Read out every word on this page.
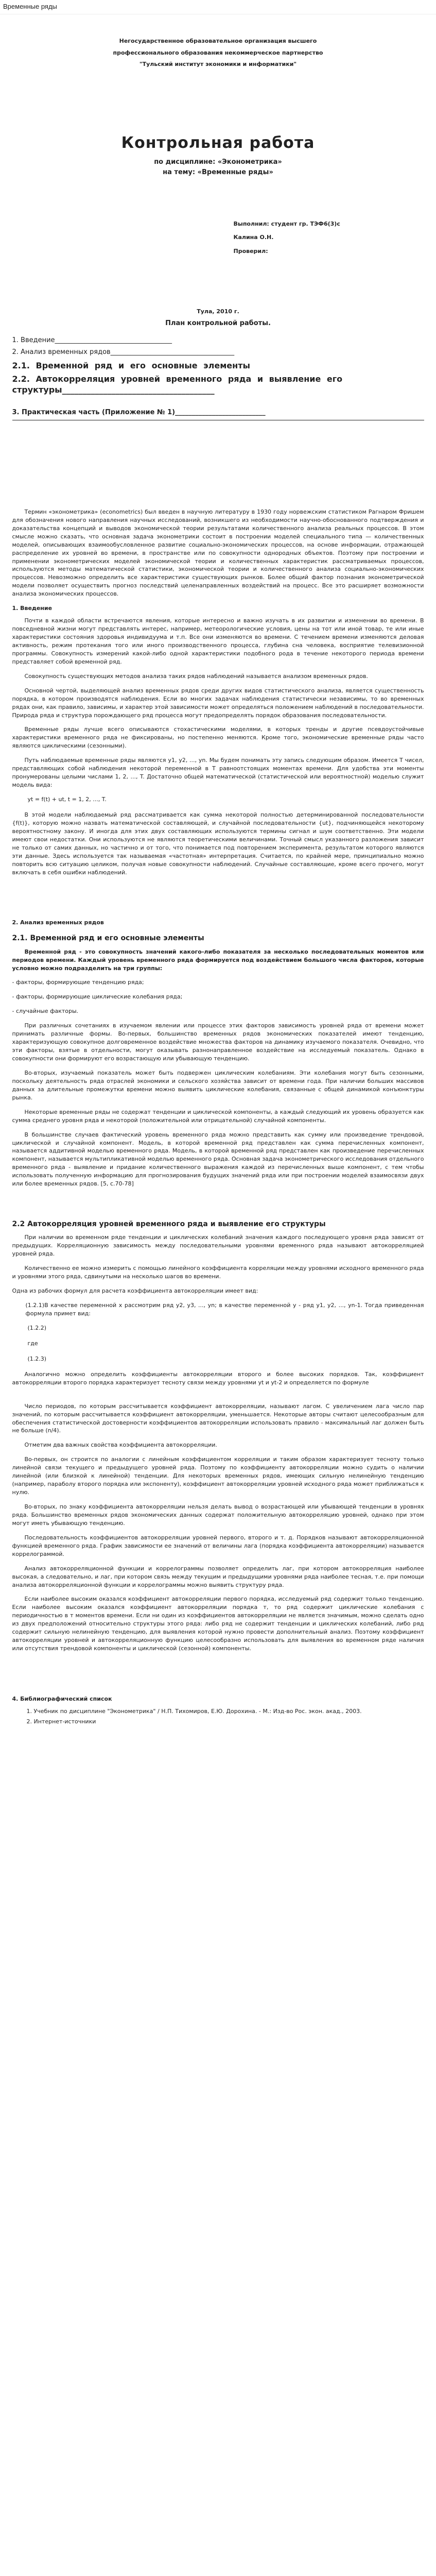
Временные ряды
Негосударственное образовательное организация высшего
профессионального образования некоммерческое партнерство
"Тульский институт экономики и информатики"
Контрольная работа
по дисциплине: «Эконометрика»
на тему: «Временные ряды»
Выполнил: студент гр. ТЭФ6(3)с
Калина О.Н.
Проверил:
Тула, 2010 г.
План контрольной работы.
1. Введение___________________________________
2. Анализ временных рядов_____________________________________
2.1. Временной ряд и его основные элементы
2.2. Автокорреляция уровней временного ряда и выявление его структуры_____________________________________
3. Практическая часть (Приложение № 1)___________________________
Термин «эконометрика» (econometrics) был введен в научную литературу в 1930 году норвежским статистиком Рагнаром Фришем для обозначения нового направления научных исследований, возникшего из необходимости научно-обоснованного подтверждения и доказательства концепций и выводов экономической теории результатами количественного анализа реальных процессов. В этом смысле можно сказать, что основная задача эконометрики состоит в построении моделей специального типа — количественных моделей, описывающих взаимообусловленное развитие социально-экономических процессов, на основе информации, отражающей распределение их уровней во времени, в пространстве или по совокупности однородных объектов. Поэтому при построении и применении эконометрических моделей экономической теории и количественных характеристик рассматриваемых процессов, используются методы математической статистики, экономической теории и количественного анализа социально-экономических процессов. Невозможно определить все характеристики существующих рынков. Более общий фактор познания эконометрической модели позволяет осуществить прогноз последствий целенаправленных воздействий на процесс. Все это расширяет возможности анализа экономических процессов.
1. Введение
Почти в каждой области встречаются явления, которые интересно и важно изучать в их развитии и изменении во времени. В повседневной жизни могут представлять интерес, например, метеорологические условия, цены на тот или иной товар, те или иные характеристики состояния здоровья индивидуума и т.п. Все они изменяются во времени. С течением времени изменяются деловая активность, режим протекания того или иного производственного процесса, глубина сна человека, восприятие телевизионной программы. Совокупность измерений какой-либо одной характеристики подобного рода в течение некоторого периода времени представляет собой временной ряд.
Совокупность существующих методов анализа таких рядов наблюдений называется анализом временных рядов.
Основной чертой, выделяющей анализ временных рядов среди других видов статистического анализа, является существенность порядка, в котором производятся наблюдения. Если во многих задачах наблюдения статистически независимы, то во временных рядах они, как правило, зависимы, и характер этой зависимости может определяться положением наблюдений в последовательности. Природа ряда и структура порождающего ряд процесса могут предопределять порядок образования последовательности.
Временные ряды лучше всего описываются стохастическими моделями, в которых тренды и другие псевдоустойчивые характеристики временного ряда не фиксированы, но постепенно меняются. Кроме того, экономические временные ряды часто являются циклическими (сезонными).
Путь наблюдаемые временные ряды являются y1, y2, ..., yn. Мы будем понимать эту запись следующим образом. Имеется T чисел, представляющих собой наблюдения некоторой переменной в T равноотстоящих моментах времени. Для удобства эти моменты пронумерованы целыми числами 1, 2, ..., T. Достаточно общей математической (статистической или вероятностной) моделью служит модель вида:
yt = f(t) + ut, t = 1, 2, ..., T.
В этой модели наблюдаемый ряд рассматривается как сумма некоторой полностью детерминированной последовательности {f(t)}, которую можно назвать математической составляющей, и случайной последовательности {ut}, подчиняющейся некоторому вероятностному закону. И иногда для этих двух составляющих используются термины сигнал и шум соответственно. Эти модели имеют свои недостатки. Они используются не являются теоретическими величинами. Точный смысл указанного разложения зависит не только от самих данных, но частично и от того, что понимается под повторением эксперимента, результатом которого являются эти данные. Здесь используется так называемая «частотная» интерпретация. Считается, по крайней мере, принципиально можно повторить всю ситуацию целиком, получая новые совокупности наблюдений. Случайные составляющие, кроме всего прочего, могут включать в себя ошибки наблюдений.
2. Анализ временных рядов
2.1. Временной ряд и его основные элементы
Временной ряд - это совокупность значений какого-либо показателя за несколько последовательных моментов или периодов времени. Каждый уровень временного ряда формируется под воздействием большого числа факторов, которые условно можно подразделить на три группы:
- факторы, формирующие тенденцию ряда;
- факторы, формирующие циклические колебания ряда;
- случайные факторы.
При различных сочетаниях в изучаемом явлении или процессе этих факторов зависимость уровней ряда от времени может принимать различные формы. Во-первых, большинство временных рядов экономических показателей имеют тенденцию, характеризующую совокупное долговременное воздействие множества факторов на динамику изучаемого показателя. Очевидно, что эти факторы, взятые в отдельности, могут оказывать разнонаправленное воздействие на исследуемый показатель. Однако в совокупности они формируют его возрастающую или убывающую тенденцию.
Во-вторых, изучаемый показатель может быть подвержен циклическим колебаниям. Эти колебания могут быть сезонными, поскольку деятельность ряда отраслей экономики и сельского хозяйства зависит от времени года. При наличии больших массивов данных за длительные промежутки времени можно выявить циклические колебания, связанные с общей динамикой конъюнктуры рынка.
Некоторые временные ряды не содержат тенденции и циклической компоненты, а каждый следующий их уровень образуется как сумма среднего уровня ряда и некоторой (положительной или отрицательной) случайной компоненты.
В большинстве случаев фактический уровень временного ряда можно представить как сумму или произведение трендовой, циклической и случайной компонент. Модель, в которой временной ряд представлен как сумма перечисленных компонент, называется аддитивной моделью временного ряда. Модель, в которой временной ряд представлен как произведение перечисленных компонент, называется мультипликативной моделью временного ряда. Основная задача эконометрического исследования отдельного временного ряда - выявление и придание количественного выражения каждой из перечисленных выше компонент, с тем чтобы использовать полученную информацию для прогнозирования будущих значений ряда или при построении моделей взаимосвязи двух или более временных рядов. [5, c.70-78]
2.2 Автокорреляция уровней временного ряда и выявление его структуры
При наличии во временном ряде тенденции и циклических колебаний значения каждого последующего уровня ряда зависят от предыдущих. Корреляционную зависимость между последовательными уровнями временного ряда называют автокорреляцией уровней ряда.
Количественно ее можно измерить с помощью линейного коэффициента корреляции между уровнями исходного временного ряда и уровнями этого ряда, сдвинутыми на несколько шагов во времени.
Одна из рабочих формул для расчета коэффициента автокорреляции имеет вид:
(1.2.1)В качестве переменной х рассмотрим ряд y2, y3, ..., yn; в качестве переменной у - ряд y1, y2, ..., yn-1. Тогда приведенная формула примет вид:
(1.2.2)
где
(1.2.3)
Аналогично можно определить коэффициенты автокорреляции второго и более высоких порядков. Так, коэффициент автокорреляции второго порядка характеризует тесноту связи между уровнями yt и yt-2 и определяется по формуле
Число периодов, по которым рассчитывается коэффициент автокорреляции, называют лагом. С увеличением лага число пар значений, по которым рассчитывается коэффициент автокорреляции, уменьшается. Некоторые авторы считают целесообразным для обеспечения статистической достоверности коэффициентов автокорреляции использовать правило - максимальный лаг должен быть не больше (n/4).
Отметим два важных свойства коэффициента автокорреляции.
Во-первых, он строится по аналогии с линейным коэффициентом корреляции и таким образом характеризует тесноту только линейной связи текущего и предыдущего уровней ряда. Поэтому по коэффициенту автокорреляции можно судить о наличии линейной (или близкой к линейной) тенденции. Для некоторых временных рядов, имеющих сильную нелинейную тенденцию (например, параболу второго порядка или экспоненту), коэффициент автокорреляции уровней исходного ряда может приближаться к нулю.
Во-вторых, по знаку коэффициента автокорреляции нельзя делать вывод о возрастающей или убывающей тенденции в уровнях ряда. Большинство временных рядов экономических данных содержат положительную автокорреляцию уровней, однако при этом могут иметь убывающую тенденцию.
Последовательность коэффициентов автокорреляции уровней первого, второго и т. д. Порядков называют автокорреляционной функцией временного ряда. График зависимости ее значений от величины лага (порядка коэффициента автокорреляции) называется коррелограммой.
Анализ автокорреляционной функции и коррелограммы позволяет определить лаг, при котором автокорреляция наиболее высокая, а следовательно, и лаг, при котором связь между текущим и предыдущими уровнями ряда наиболее тесная, т.е. при помощи анализа автокорреляционной функции и коррелограммы можно выявить структуру ряда.
Если наиболее высоким оказался коэффициент автокорреляции первого порядка, исследуемый ряд содержит только тенденцию. Если наиболее высоким оказался коэффициент автокорреляции порядка т, то ряд содержит циклические колебания с периодичностью в т моментов времени. Если ни один из коэффициентов автокорреляции не является значимым, можно сделать одно из двух предположений относительно структуры этого ряда: либо ряд не содержит тенденции и циклических колебаний, либо ряд содержит сильную нелинейную тенденцию, для выявления которой нужно провести дополнительный анализ. Поэтому коэффициент автокорреляции уровней и автокорреляционную функцию целесообразно использовать для выявления во временном ряде наличия или отсутствия трендовой компоненты и циклической (сезонной) компоненты.
4. Библиографический список
1. Учебник по дисциплине "Эконометрика" / Н.П. Тихомиров, Е.Ю. Дорохина. - М.: Изд-во Рос. экон. акад., 2003.
2. Интернет-источники
